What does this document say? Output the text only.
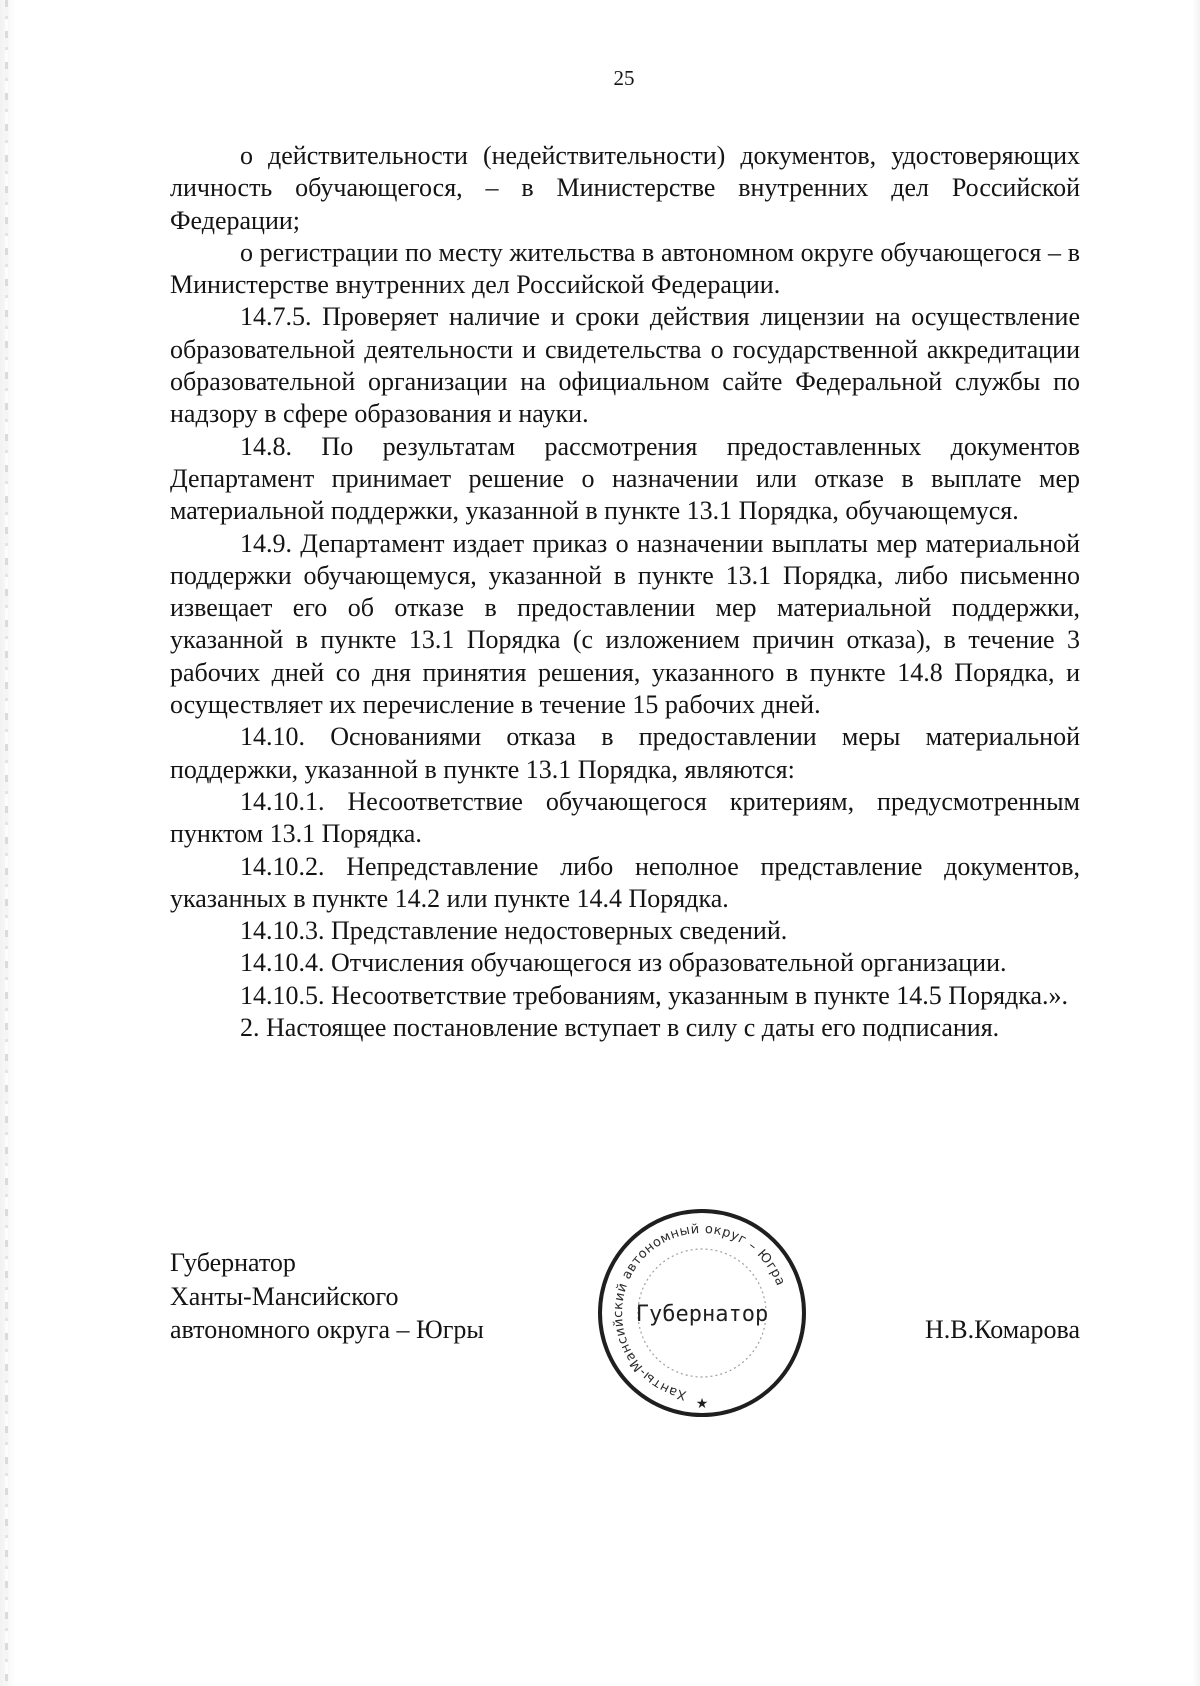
25

о действительности (недействительности) документов, удостоверяющих личность обучающегося, – в Министерстве внутренних дел Российской Федерации;

о регистрации по месту жительства в автономном округе обучающегося – в Министерстве внутренних дел Российской Федерации.

14.7.5. Проверяет наличие и сроки действия лицензии на осуществление образовательной деятельности и свидетельства о государственной аккредитации образовательной организации на официальном сайте Федеральной службы по надзору в сфере образования и науки.

14.8. По результатам рассмотрения предоставленных документов Департамент принимает решение о назначении или отказе в выплате мер материальной поддержки, указанной в пункте 13.1 Порядка, обучающемуся.

14.9. Департамент издает приказ о назначении выплаты мер материальной поддержки обучающемуся, указанной в пункте 13.1 Порядка, либо письменно извещает его об отказе в предоставлении мер материальной поддержки, указанной в пункте 13.1 Порядка (с изложением причин отказа), в течение 3 рабочих дней со дня принятия решения, указанного в пункте 14.8 Порядка, и осуществляет их перечисление в течение 15 рабочих дней.

14.10. Основаниями отказа в предоставлении меры материальной поддержки, указанной в пункте 13.1 Порядка, являются:

14.10.1. Несоответствие обучающегося критериям, предусмотренным пунктом 13.1 Порядка.

14.10.2. Непредставление либо неполное представление документов, указанных в пункте 14.2 или пункте 14.4 Порядка.

14.10.3. Представление недостоверных сведений.

14.10.4. Отчисления обучающегося из образовательной организации.

14.10.5. Несоответствие требованиям, указанным в пункте 14.5 Порядка.».

2. Настоящее постановление вступает в силу с даты его подписания.

Губернатор
Ханты-Мансийского
автономного округа – Югры	Н.В.Комарова
Ханты-Мансийский автономный округ – Югра
Губернатор
★
